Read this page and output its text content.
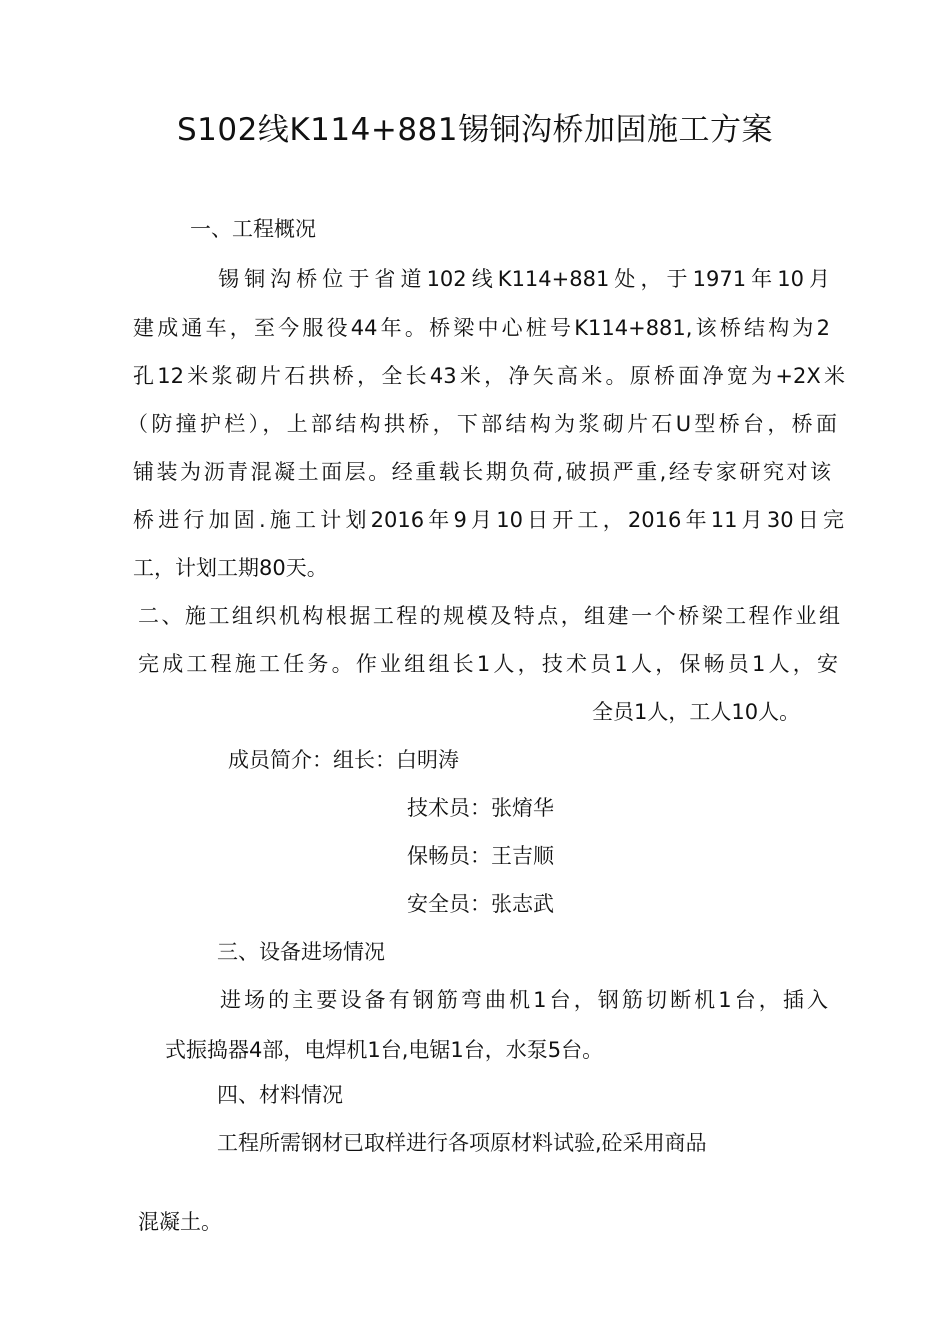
S102线K114+881锡铜沟桥加固施工方案

一、工程概况

锡铜沟桥位于省道102线K114+881处，于1971年10月

建成通车，至今服役44年。桥梁中心桩号K114+881,该桥结构为2

孔12米浆砌片石拱桥，全长43米，净矢高米。原桥面净宽为+2X米

（防撞护栏），上部结构拱桥，下部结构为浆砌片石U型桥台，桥面

铺装为沥青混凝土面层。经重载长期负荷,破损严重,经专家研究对该

桥进行加固.施工计划2016年9月10日开工，2016年11月30日完

工，计划工期80天。

二、施工组织机构根据工程的规模及特点，组建一个桥梁工程作业组

完成工程施工任务。作业组组长1人，技术员1人，保畅员1人，安

全员1人，工人10人。

成员简介：组长：白明涛

技术员：张焴华

保畅员：王吉顺

安全员：张志武

三、设备进场情况

进场的主要设备有钢筋弯曲机1台，钢筋切断机1台，插入

式振捣器4部，电焊机1台,电锯1台，水泵5台。

四、材料情况

工程所需钢材已取样进行各项原材料试验,砼采用商品

混凝土。
